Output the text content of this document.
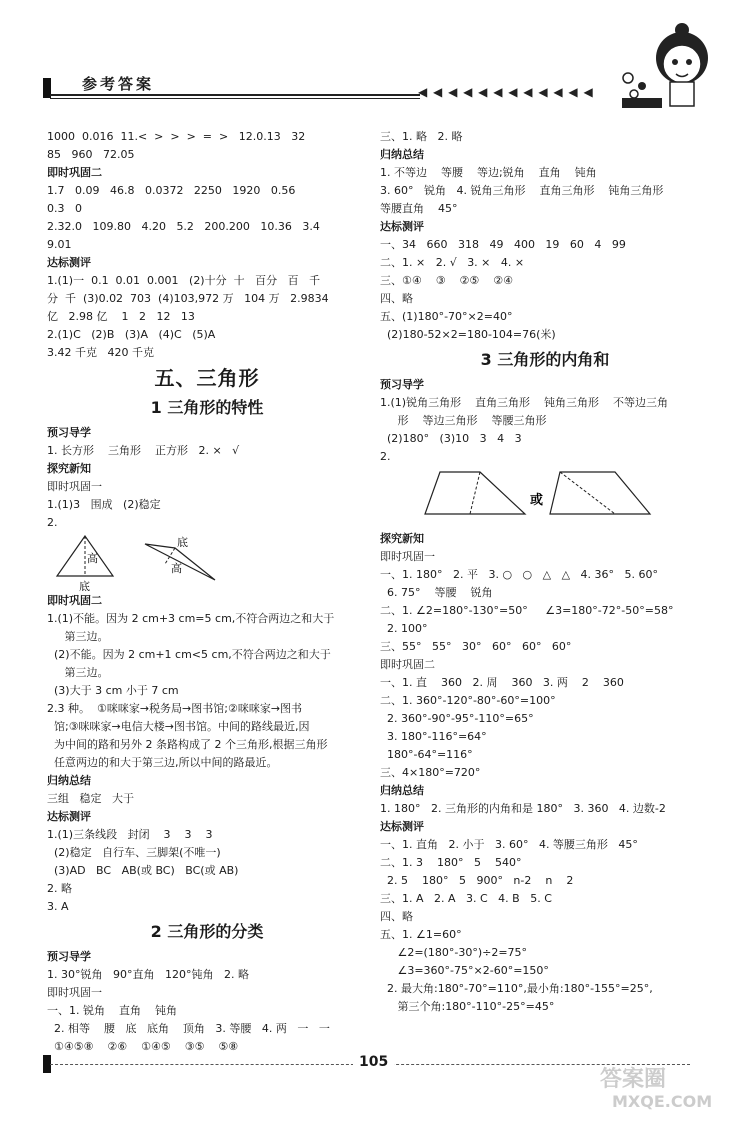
参考答案	◀ ◀ ◀ ◀ ◀ ◀ ◀ ◀ ◀ ◀ ◀ ◀
1000  0.016  11.<  >  >  >  =  >   12.0.13   32
85   960   72.05
即时巩固二
1.7   0.09   46.8   0.0372   2250   1920   0.56
0.3   0
2.32.0   109.80   4.20   5.2   200.200   10.36   3.4
9.01
达标测评
1.(1)一  0.1  0.01  0.001   (2)十分  十   百分   百   千
分  千  (3)0.02  703  (4)103,972 万   104 万   2.9834
亿   2.98 亿    1   2   12   13
2.(1)C   (2)B   (3)A   (4)C   (5)A
3.42 千克   420 千克
五、三角形
1 三角形的特性
预习导学
1. 长方形    三角形    正方形   2. ×   √
探究新知
即时巩固一
1.(1)3   围成   (2)稳定
2.
高
底
底
高
即时巩固二
1.(1)不能。因为 2 cm+3 cm=5 cm,不符合两边之和大于
第三边。
(2)不能。因为 2 cm+1 cm<5 cm,不符合两边之和大于
第三边。
(3)大于 3 cm 小于 7 cm
2.3 种。  ①咪咪家→税务局→图书馆;②咪咪家→图书
馆;③咪咪家→电信大楼→图书馆。中间的路线最近,因
为中间的路和另外 2 条路构成了 2 个三角形,根据三角形
任意两边的和大于第三边,所以中间的路最近。
归纳总结
三组   稳定   大于
达标测评
1.(1)三条线段   封闭    3    3    3
(2)稳定   自行车、三脚架(不唯一)
(3)AD   BC   AB(或 BC)   BC(或 AB)
2. 略
3. A
2 三角形的分类
预习导学
1. 30°锐角   90°直角   120°钝角   2. 略
即时巩固一
一、1. 锐角    直角    钝角
2. 相等    腰   底   底角    顶角   3. 等腰   4. 两   一   一
①④⑤⑧    ②⑥    ①④⑤    ③⑤    ⑤⑧
三、1. 略   2. 略
归纳总结
1. 不等边    等腰    等边;锐角    直角    钝角
3. 60°   锐角   4. 锐角三角形    直角三角形    钝角三角形
等腰直角    45°
达标测评
一、34   660   318   49   400   19   60   4   99
二、1. ×   2. √   3. ×   4. ×
三、①④    ③    ②⑤    ②④
四、略
五、(1)180°-70°×2=40°
(2)180-52×2=180-104=76(米)
3 三角形的内角和
预习导学
1.(1)锐角三角形    直角三角形    钝角三角形    不等边三角
形    等边三角形    等腰三角形
(2)180°   (3)10   3   4   3
2.
或
探究新知
即时巩固一
一、1. 180°   2. 平   3. ○   ○   △   △   4. 36°   5. 60°
6. 75°    等腰    锐角
二、1. ∠2=180°-130°=50°     ∠3=180°-72°-50°=58°
2. 100°
三、55°   55°   30°   60°   60°   60°
即时巩固二
一、1. 直    360   2. 周    360   3. 两    2    360
二、1. 360°-120°-80°-60°=100°
2. 360°-90°-95°-110°=65°
3. 180°-116°=64°
180°-64°=116°
三、4×180°=720°
归纳总结
1. 180°   2. 三角形的内角和是 180°   3. 360   4. 边数-2
达标测评
一、1. 直角   2. 小于   3. 60°   4. 等腰三角形   45°
二、1. 3    180°   5    540°
2. 5    180°   5   900°   n-2    n    2
三、1. A   2. A   3. C   4. B   5. C
四、略
五、1. ∠1=60°
∠2=(180°-30°)÷2=75°
∠3=360°-75°×2-60°=150°
2. 最大角:180°-70°=110°,最小角:180°-155°=25°,
第三个角:180°-110°-25°=45°
105
答案圈
MXQE.COM
